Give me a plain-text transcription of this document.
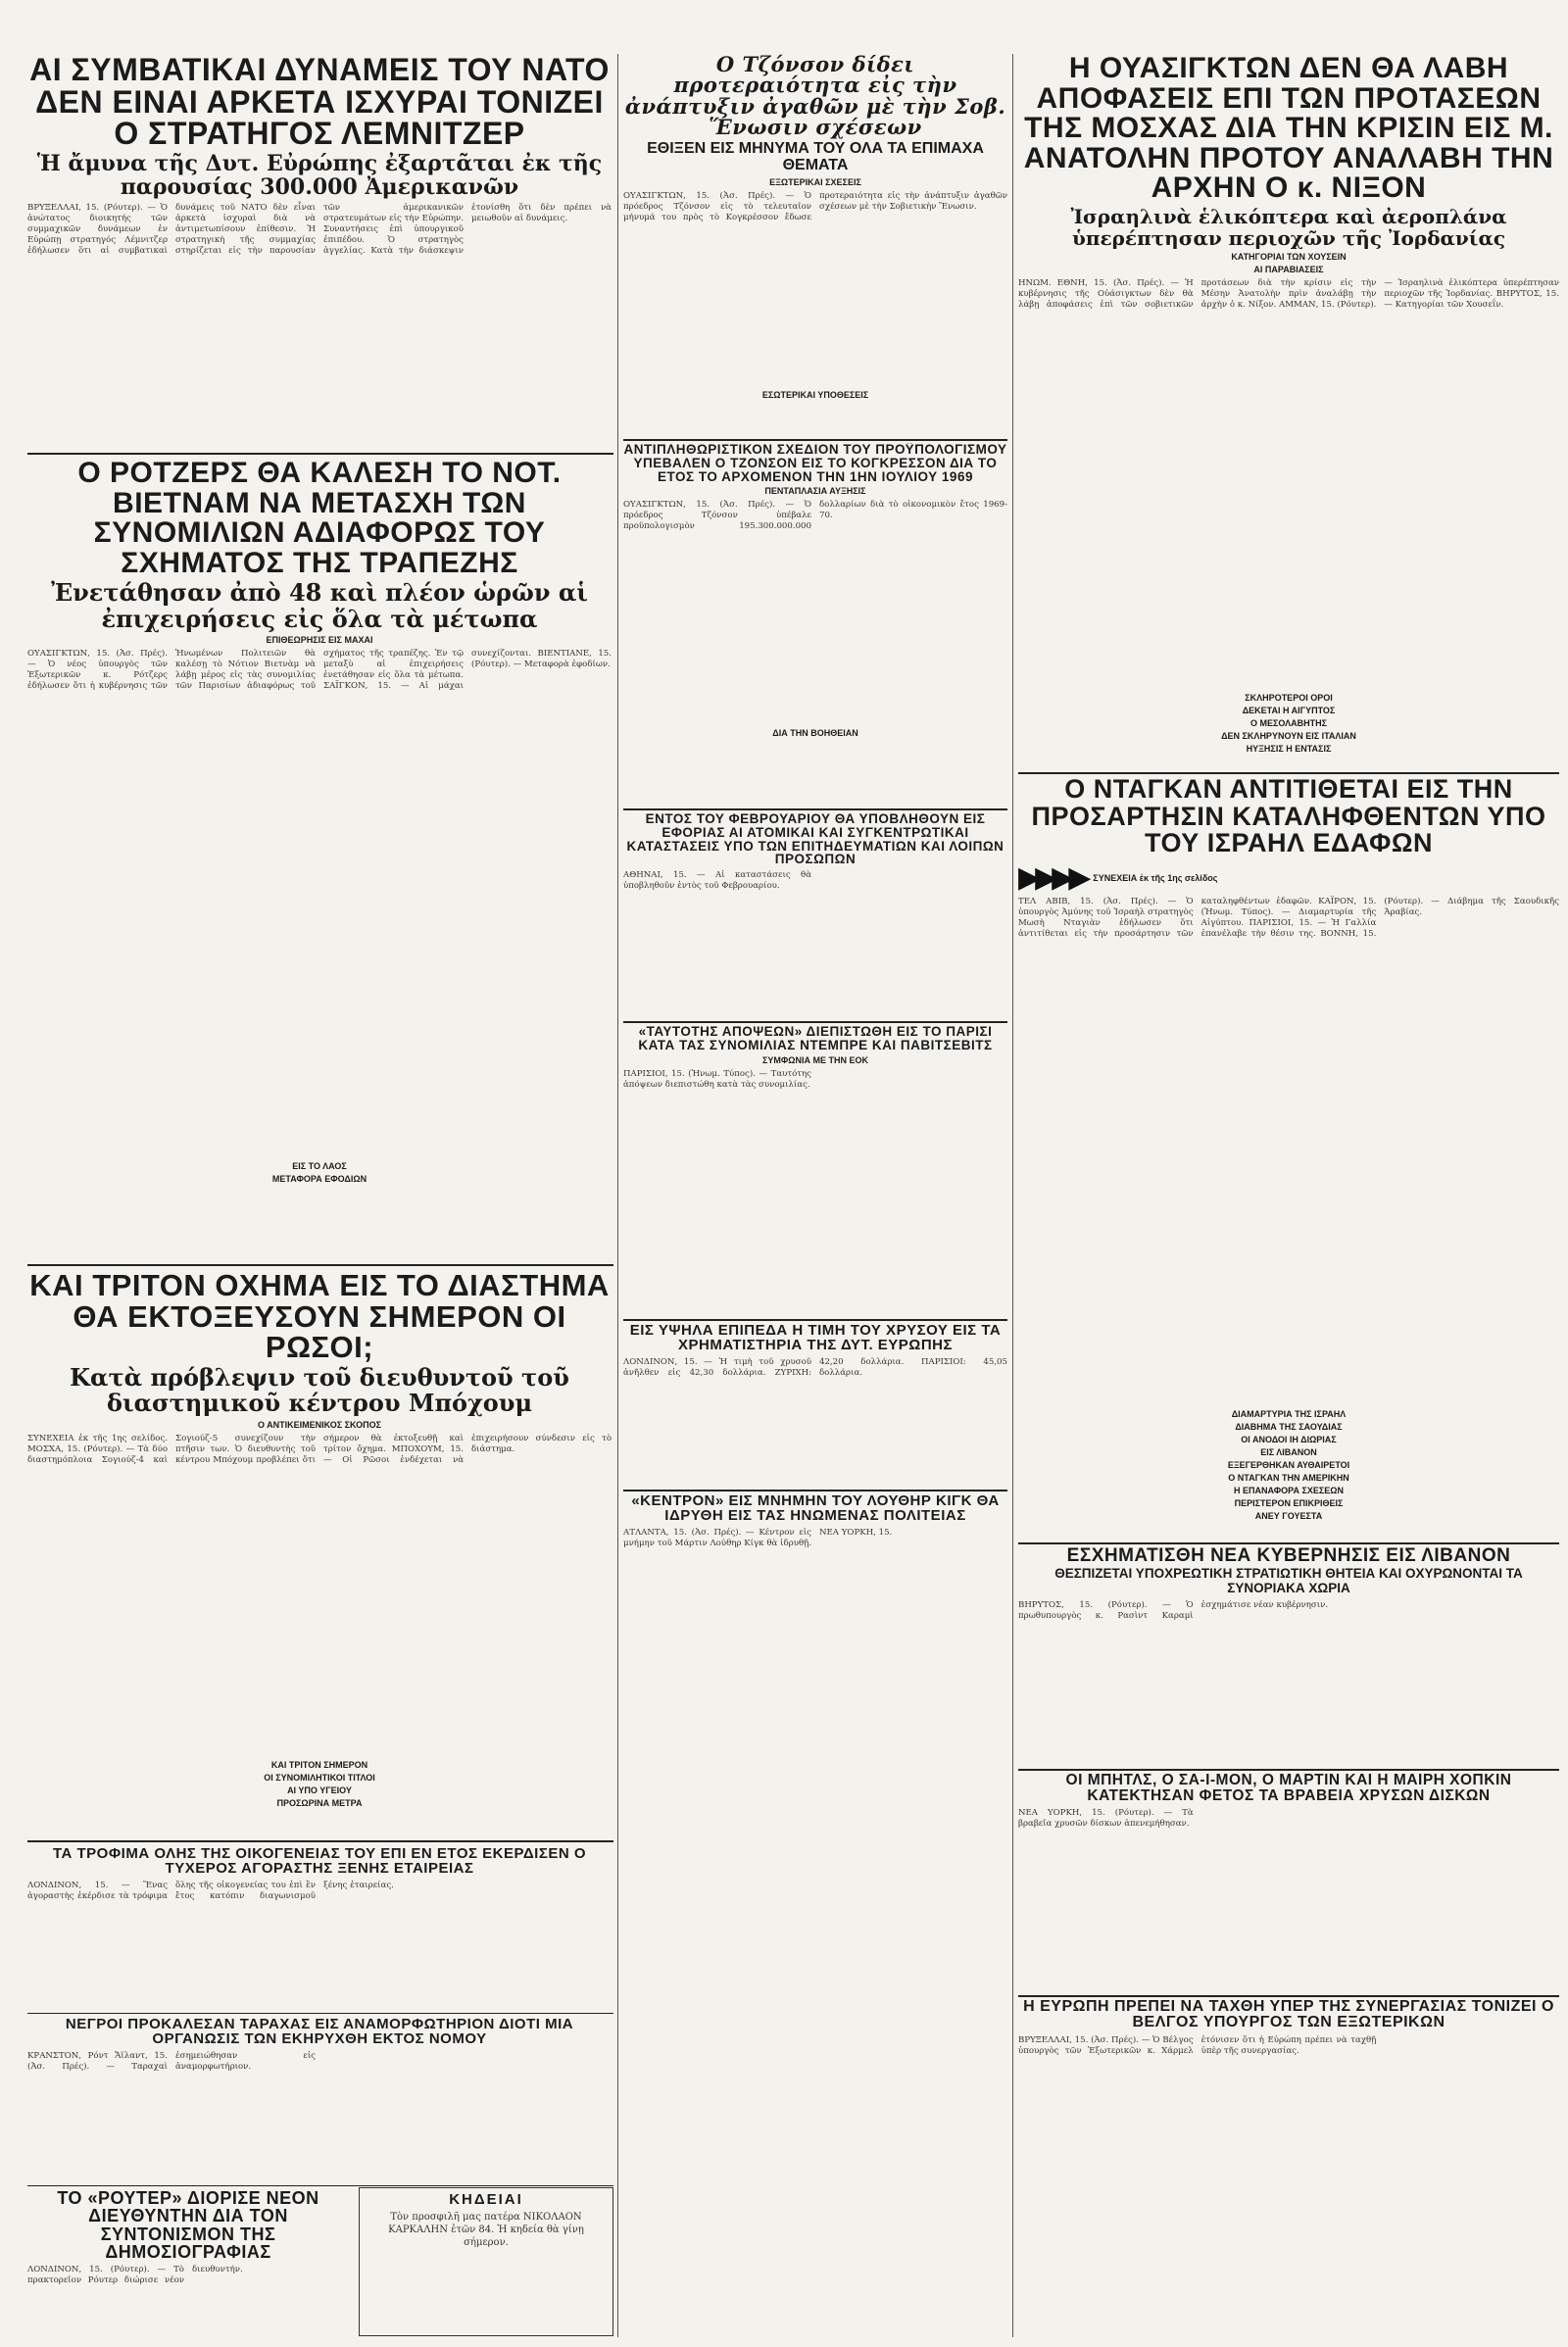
ΑΙ ΣΥΜΒΑΤΙΚΑΙ ΔΥΝΑΜΕΙΣ ΤΟΥ ΝΑΤΟ ΔΕΝ ΕΙΝΑΙ ΑΡΚΕΤΑ ΙΣΧΥΡΑΙ ΤΟΝΙΖΕΙ Ο ΣΤΡΑΤΗΓΟΣ ΛΕΜΝΙΤΖΕΡ
Ἡ ἄμυνα τῆς Δυτ. Εὐρώπης ἐξαρτᾶται ἐκ τῆς παρουσίας 300.000 Ἀμερικανῶν
ΒΡΥΞΕΛΛΑΙ, 15. (Ρόυτερ). — Ὁ ἀνώτατος διοικητής τῶν συμμαχικῶν δυνάμεων ἐν Εὐρώπῃ στρατηγός Λέμνιτζερ ἐδήλωσεν ὅτι αἱ συμβατικαὶ δυνάμεις τοῦ ΝΑΤΟ δὲν εἶναι ἀρκετὰ ἰσχυραὶ διὰ νὰ ἀντιμετωπίσουν ἐπίθεσιν. Ἡ στρατηγικὴ τῆς συμμαχίας στηρίζεται εἰς τὴν παρουσίαν τῶν ἀμερικανικῶν στρατευμάτων εἰς τὴν Εὐρώπην. Συναντήσεις ἐπὶ ὑπουργικοῦ ἐπιπέδου. Ὁ στρατηγὸς ἀγγελίας. Κατὰ τὴν διάσκεψιν ἐτονίσθη ὅτι δὲν πρέπει νὰ μειωθοῦν αἱ δυνάμεις.
Ο ΡΟΤΖΕΡΣ ΘΑ ΚΑΛΕΣΗ ΤΟ ΝΟΤ. ΒΙΕΤΝΑΜ ΝΑ ΜΕΤΑΣΧΗ ΤΩΝ ΣΥΝΟΜΙΛΙΩΝ ΑΔΙΑΦΟΡΩΣ ΤΟΥ ΣΧΗΜΑΤΟΣ ΤΗΣ ΤΡΑΠΕΖΗΣ
Ἐνετάθησαν ἀπὸ 48 καὶ πλέον ὡρῶν αἱ ἐπιχειρήσεις εἰς ὅλα τὰ μέτωπα
ΕΠΙΘΕΩΡΗΣΙΣ ΕΙΣ ΜΑΧΑΙ
ΟΥΑΣΙΓΚΤΩΝ, 15. (Ἀσ. Πρές). — Ὁ νέος ὑπουργὸς τῶν Ἐξωτερικῶν κ. Ρότζερς ἐδήλωσεν ὅτι ἡ κυβέρνησις τῶν Ἡνωμένων Πολιτειῶν θὰ καλέσῃ τὸ Νότιον Βιετνὰμ νὰ λάβῃ μέρος εἰς τὰς συνομιλίας τῶν Παρισίων ἀδιαφόρως τοῦ σχήματος τῆς τραπέζης. Ἐν τῷ μεταξὺ αἱ ἐπιχειρήσεις ἐνετάθησαν εἰς ὅλα τὰ μέτωπα. ΣΑΪΓΚΟΝ, 15. — Αἱ μάχαι συνεχίζονται. ΒΙΕΝΤΙΑΝΕ, 15. (Ρόυτερ). — Μεταφορὰ ἐφοδίων.
ΕΙΣ ΤΟ ΛΑΟΣ
ΜΕΤΑΦΟΡΑ ΕΦΟΔΙΩΝ
ΚΑΙ ΤΡΙΤΟΝ ΟΧΗΜΑ ΕΙΣ ΤΟ ΔΙΑΣΤΗΜΑ ΘΑ ΕΚΤΟΞΕΥΣΟΥΝ ΣΗΜΕΡΟΝ ΟΙ ΡΩΣΟΙ;
Κατὰ πρόβλεψιν τοῦ διευθυντοῦ τοῦ διαστημικοῦ κέντρου Μπόχουμ
Ο ΑΝΤΙΚΕΙΜΕΝΙΚΟΣ ΣΚΟΠΟΣ
ΣΥΝΕΧΕΙΑ ἐκ τῆς 1ης σελίδος. ΜΟΣΧΑ, 15. (Ρόυτερ). — Τὰ δύο διαστημόπλοια Σογιούζ-4 καὶ Σογιούζ-5 συνεχίζουν τὴν πτῆσιν των. Ὁ διευθυντὴς τοῦ κέντρου Μπόχουμ προβλέπει ὅτι σήμερον θὰ ἐκτοξευθῇ καὶ τρίτον ὄχημα. ΜΠΟΧΟΥΜ, 15. — Οἱ Ρῶσοι ἐνδέχεται νὰ ἐπιχειρήσουν σύνδεσιν εἰς τὸ διάστημα.
ΚΑΙ ΤΡΙΤΟΝ ΣΗΜΕΡΟΝ
ΟΙ ΣΥΝΟΜΙΛΗΤΙΚΟΙ ΤΙΤΛΟΙ
ΑΙ ΥΠΟ ΥΓΕΙΟΥ
ΠΡΟΣΩΡΙΝΑ ΜΕΤΡΑ
ΤΑ ΤΡΟΦΙΜΑ ΟΛΗΣ ΤΗΣ ΟΙΚΟΓΕΝΕΙΑΣ ΤΟΥ ΕΠΙ ΕΝ ΕΤΟΣ ΕΚΕΡΔΙΣΕΝ Ο ΤΥΧΕΡΟΣ ΑΓΟΡΑΣΤΗΣ ΞΕΝΗΣ ΕΤΑΙΡΕΙΑΣ
ΛΟΝΔΙΝΟΝ, 15. — Ἕνας ἀγοραστὴς ἐκέρδισε τὰ τρόφιμα ὅλης τῆς οἰκογενείας του ἐπὶ ἓν ἔτος κατόπιν διαγωνισμοῦ ξένης ἑταιρείας.
ΝΕΓΡΟΙ ΠΡΟΚΑΛΕΣΑΝ ΤΑΡΑΧΑΣ ΕΙΣ ΑΝΑΜΟΡΦΩΤΗΡΙΟΝ ΔΙΟΤΙ ΜΙΑ ΟΡΓΑΝΩΣΙΣ ΤΩΝ ΕΚΗΡΥΧΘΗ ΕΚΤΟΣ ΝΟΜΟΥ
ΚΡΑΝΣΤΟΝ, Ρόντ Ἄϊλαντ, 15. (Ἀσ. Πρές). — Ταραχαὶ ἐσημειώθησαν εἰς ἀναμορφωτήριον.
ΤΟ «ΡΟΥΤΕΡ» ΔΙΟΡΙΣΕ ΝΕΟΝ ΔΙΕΥΘΥΝΤΗΝ ΔΙΑ ΤΟΝ ΣΥΝΤΟΝΙΣΜΟΝ ΤΗΣ ΔΗΜΟΣΙΟΓΡΑΦΙΑΣ
ΛΟΝΔΙΝΟΝ, 15. (Ρόυτερ). — Τὸ πρακτορεῖον Ρόυτερ διώρισε νέον διευθυντήν.
Ο Τζόνσον δίδει προτεραιότητα εἰς τὴν ἀνάπτυξιν ἀγαθῶν μὲ τὴν Σοβ. Ἕνωσιν σχέσεων
ΕΘΙΞΕΝ ΕΙΣ ΜΗΝΥΜΑ ΤΟΥ ΟΛΑ ΤΑ ΕΠΙΜΑΧΑ ΘΕΜΑΤΑ
ΕΞΩΤΕΡΙΚΑΙ ΣΧΕΣΕΙΣ
ΟΥΑΣΙΓΚΤΩΝ, 15. (Ἀσ. Πρές). — Ὁ πρόεδρος Τζόνσον εἰς τὸ τελευταῖον μήνυμά του πρὸς τὸ Κογκρέσσον ἔδωσε προτεραιότητα εἰς τὴν ἀνάπτυξιν ἀγαθῶν σχέσεων μὲ τὴν Σοβιετικὴν Ἕνωσιν.
ΕΣΩΤΕΡΙΚΑΙ ΥΠΟΘΕΣΕΙΣ
ΑΝΤΙΠΛΗΘΩΡΙΣΤΙΚΟΝ ΣΧΕΔΙΟΝ ΤΟΥ ΠΡΟΫΠΟΛΟΓΙΣΜΟΥ ΥΠΕΒΑΛΕΝ Ο ΤΖΟΝΣΟΝ ΕΙΣ ΤΟ ΚΟΓΚΡΕΣΣΟΝ ΔΙΑ ΤΟ ΕΤΟΣ ΤΟ ΑΡΧΟΜΕΝΟΝ ΤΗΝ 1ΗΝ ΙΟΥΛΙΟΥ 1969
ΠΕΝΤΑΠΛΑΣΙΑ ΑΥΞΗΣΙΣ
ΟΥΑΣΙΓΚΤΩΝ, 15. (Ἀσ. Πρές). — Ὁ πρόεδρος Τζόνσον ὑπέβαλε προϋπολογισμὸν 195.300.000.000 δολλαρίων διὰ τὸ οἰκονομικὸν ἔτος 1969-70.
ΔΙΑ ΤΗΝ ΒΟΗΘΕΙΑΝ
ΕΝΤΟΣ ΤΟΥ ΦΕΒΡΟΥΑΡΙΟΥ ΘΑ ΥΠΟΒΛΗΘΟΥΝ ΕΙΣ ΕΦΟΡΙΑΣ ΑΙ ΑΤΟΜΙΚΑΙ ΚΑΙ ΣΥΓΚΕΝΤΡΩΤΙΚΑΙ ΚΑΤΑΣΤΑΣΕΙΣ ΥΠΟ ΤΩΝ ΕΠΙΤΗΔΕΥΜΑΤΙΩΝ ΚΑΙ ΛΟΙΠΩΝ ΠΡΟΣΩΠΩΝ
ΑΘΗΝΑΙ, 15. — Αἱ καταστάσεις θὰ ὑποβληθοῦν ἐντὸς τοῦ Φεβρουαρίου.
«ΤΑΥΤΟΤΗΣ ΑΠΟΨΕΩΝ» ΔΙΕΠΙΣΤΩΘΗ ΕΙΣ ΤΟ ΠΑΡΙΣΙ ΚΑΤΑ ΤΑΣ ΣΥΝΟΜΙΛΙΑΣ ΝΤΕΜΠΡΕ ΚΑΙ ΠΑΒΙΤΣΕΒΙΤΣ
ΣΥΜΦΩΝΙΑ ΜΕ ΤΗΝ ΕΟΚ
ΠΑΡΙΣΙΟΙ, 15. (Ἡνωμ. Τύπος). — Ταυτότης ἀπόψεων διεπιστώθη κατὰ τὰς συνομιλίας.
ΕΙΣ ΥΨΗΛΑ ΕΠΙΠΕΔΑ Η ΤΙΜΗ ΤΟΥ ΧΡΥΣΟΥ ΕΙΣ ΤΑ ΧΡΗΜΑΤΙΣΤΗΡΙΑ ΤΗΣ ΔΥΤ. ΕΥΡΩΠΗΣ
ΛΟΝΔΙΝΟΝ, 15. — Ἡ τιμὴ τοῦ χρυσοῦ ἀνῆλθεν εἰς 42,30 δολλάρια. ΖΥΡΙΧΗ: 42,20 δολλάρια. ΠΑΡΙΣΙΟΙ: 45,05 δολλάρια.
«ΚΕΝΤΡΟΝ» ΕΙΣ ΜΝΗΜΗΝ ΤΟΥ ΛΟΥΘΗΡ ΚΙΓΚ ΘΑ ΙΔΡΥΘΗ ΕΙΣ ΤΑΣ ΗΝΩΜΕΝΑΣ ΠΟΛΙΤΕΙΑΣ
ΑΤΛΑΝΤΑ, 15. (Ἀσ. Πρές). — Κέντρον εἰς μνήμην τοῦ Μάρτιν Λούθηρ Κίγκ θὰ ἱδρυθῇ. ΝΕΑ ΥΟΡΚΗ, 15.
ΚΗΔΕΙΑΙ
Τὸν προσφιλῆ μας πατέρα ΝΙΚΟΛΑΟΝ ΚΑΡΚΑΛΗΝ ἐτῶν 84. Ἡ κηδεία θὰ γίνῃ σήμερον.
Η ΟΥΑΣΙΓΚΤΩΝ ΔΕΝ ΘΑ ΛΑΒΗ ΑΠΟΦΑΣΕΙΣ ΕΠΙ ΤΩΝ ΠΡΟΤΑΣΕΩΝ ΤΗΣ ΜΟΣΧΑΣ ΔΙΑ ΤΗΝ ΚΡΙΣΙΝ ΕΙΣ Μ. ΑΝΑΤΟΛΗΝ ΠΡΟΤΟΥ ΑΝΑΛΑΒΗ ΤΗΝ ΑΡΧΗΝ Ο κ. ΝΙΞΟΝ
Ἰσραηλινὰ ἑλικόπτερα καὶ ἀεροπλάνα ὑπερέπτησαν περιοχῶν τῆς Ἰορδανίας
ΚΑΤΗΓΟΡΙΑΙ ΤΩΝ ΧΟΥΣΕΙΝ
ΑΙ ΠΑΡΑΒΙΑΣΕΙΣ
ΗΝΩΜ. ΕΘΝΗ, 15. (Ἀσ. Πρές). — Ἡ κυβέρνησις τῆς Οὐάσιγκτων δὲν θὰ λάβῃ ἀποφάσεις ἐπὶ τῶν σοβιετικῶν προτάσεων διὰ τὴν κρίσιν εἰς τὴν Μέσην Ἀνατολὴν πρὶν ἀναλάβῃ τὴν ἀρχὴν ὁ κ. Νίξον. ΑΜΜΑΝ, 15. (Ρόυτερ). — Ἰσραηλινὰ ἑλικόπτερα ὑπερέπτησαν περιοχῶν τῆς Ἰορδανίας. ΒΗΡΥΤΟΣ, 15. — Κατηγορίαι τῶν Χουσεΐν.
ΣΚΛΗΡΟΤΕΡΟΙ ΟΡΟΙ
ΔΕΚΕΤΑΙ Η ΑΙΓΥΠΤΟΣ
Ο ΜΕΣΟΛΑΒΗΤΗΣ
ΔΕΝ ΣΚΛΗΡΥΝΟΥΝ ΕΙΣ ΙΤΑΛΙΑΝ
ΗΥΞΗΣΙΣ Η ΕΝΤΑΣΙΣ
Ο ΝΤΑΓΚΑΝ ΑΝΤΙΤΙΘΕΤΑΙ ΕΙΣ ΤΗΝ ΠΡΟΣΑΡΤΗΣΙΝ ΚΑΤΑΛΗΦΘΕΝΤΩΝ ΥΠΟ ΤΟΥ ΙΣΡΑΗΛ ΕΔΑΦΩΝ
▶▶▶▶ ΣΥΝΕΧΕΙΑ ἐκ τῆς 1ης σελίδος
ΤΕΛ ΑΒΙΒ, 15. (Ἀσ. Πρές). — Ὁ ὑπουργὸς Ἀμύνης τοῦ Ἰσραὴλ στρατηγὸς Μωσὴ Νταγιὰν ἐδήλωσεν ὅτι ἀντιτίθεται εἰς τὴν προσάρτησιν τῶν καταληφθέντων ἐδαφῶν. ΚΑΪΡΟΝ, 15. (Ἡνωμ. Τύπος). — Διαμαρτυρία τῆς Αἰγύπτου. ΠΑΡΙΣΙΟΙ, 15. — Ἡ Γαλλία ἐπανέλαβε τὴν θέσιν της. ΒΟΝΝΗ, 15. (Ρόυτερ). — Διάβημα τῆς Σαουδικῆς Ἀραβίας.
ΔΙΑΜΑΡΤΥΡΙΑ ΤΗΣ ΙΣΡΑΗΛ
ΔΙΑΒΗΜΑ ΤΗΣ ΣΑΟΥΔΙΑΣ
ΟΙ ΑΝΟΔΟΙ ΙΗ ΔΙΩΡΙΑΣ
ΕΙΣ ΛΙΒΑΝΟΝ
ΕΞΕΓΕΡΘΗΚΑΝ ΑΥΘΑΙΡΕΤΟΙ
Ο ΝΤΑΓΚΑΝ ΤΗΝ ΑΜΕΡΙΚΗΝ
Η ΕΠΑΝΑΦΟΡΑ ΣΧΕΣΕΩΝ
ΠΕΡΙΣΤΕΡΟΝ ΕΠΙΚΡΙΘΕΙΣ
ΑΝΕΥ ΓΟΥΕΣΤΑ
ΕΣΧΗΜΑΤΙΣΘΗ ΝΕΑ ΚΥΒΕΡΝΗΣΙΣ ΕΙΣ ΛΙΒΑΝΟΝ
ΘΕΣΠΙΖΕΤΑΙ ΥΠΟΧΡΕΩΤΙΚΗ ΣΤΡΑΤΙΩΤΙΚΗ ΘΗΤΕΙΑ ΚΑΙ ΟΧΥΡΩΝΟΝΤΑΙ ΤΑ ΣΥΝΟΡΙΑΚΑ ΧΩΡΙΑ
ΒΗΡΥΤΟΣ, 15. (Ρόυτερ). — Ὁ πρωθυπουργὸς κ. Ρασὶντ Καραμὶ ἐσχημάτισε νέαν κυβέρνησιν.
ΟΙ ΜΠΗΤΛΣ, Ο ΣΑ-Ι-ΜΟΝ, Ο ΜΑΡΤΙΝ ΚΑΙ Η ΜΑΙΡΗ ΧΟΠΚΙΝ ΚΑΤΕΚΤΗΣΑΝ ΦΕΤΟΣ ΤΑ ΒΡΑΒΕΙΑ ΧΡΥΣΩΝ ΔΙΣΚΩΝ
ΝΕΑ ΥΟΡΚΗ, 15. (Ρόυτερ). — Τὰ βραβεῖα χρυσῶν δίσκων ἀπενεμήθησαν.
Η ΕΥΡΩΠΗ ΠΡΕΠΕΙ ΝΑ ΤΑΧΘΗ ΥΠΕΡ ΤΗΣ ΣΥΝΕΡΓΑΣΙΑΣ ΤΟΝΙΖΕΙ Ο ΒΕΛΓΟΣ ΥΠΟΥΡΓΟΣ ΤΩΝ ΕΞΩΤΕΡΙΚΩΝ
ΒΡΥΞΕΛΛΑΙ, 15. (Ἀσ. Πρές). — Ὁ Βέλγος ὑπουργὸς τῶν Ἐξωτερικῶν κ. Χάρμελ ἐτόνισεν ὅτι ἡ Εὐρώπη πρέπει νὰ ταχθῇ ὑπὲρ τῆς συνεργασίας.
